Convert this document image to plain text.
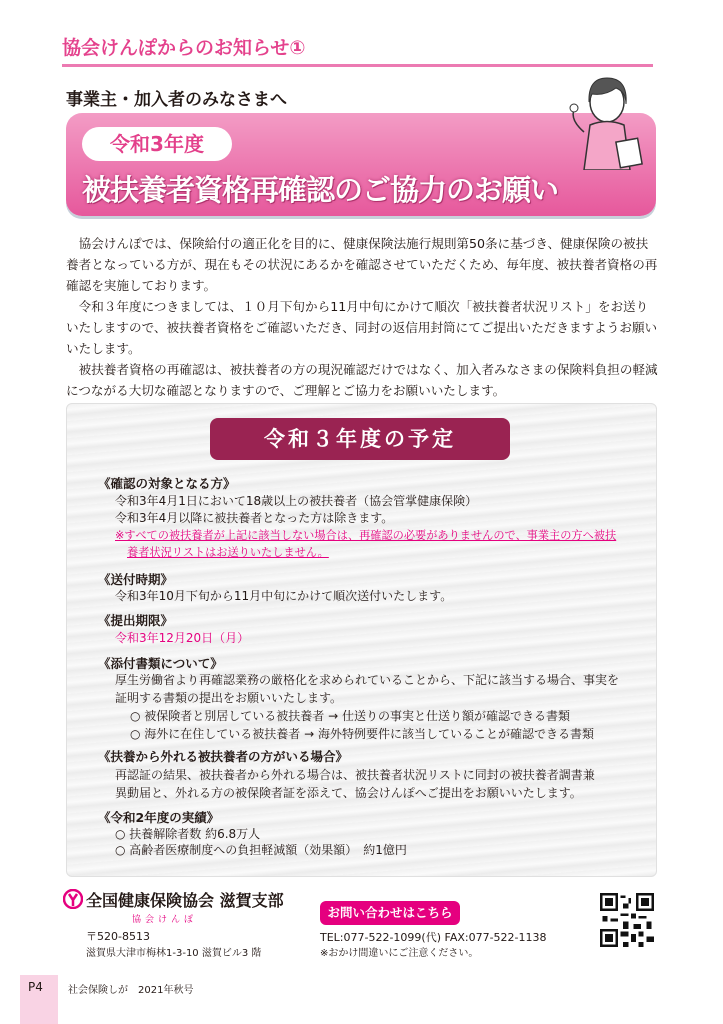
協会けんぽからのお知らせ①
事業主・加入者のみなさまへ
令和3年度
被扶養者資格再確認のご協力のお願い

協会けんぽでは、保険給付の適正化を目的に、健康保険法施行規則第50条に基づき、健康保険の被扶養者となっている方が、現在もその状況にあるかを確認させていただくため、毎年度、被扶養者資格の再確認を実施しております。

令和３年度につきましては、１０月下旬から11月中旬にかけて順次「被扶養者状況リスト」をお送りいたしますので、被扶養者資格をご確認いただき、同封の返信用封筒にてご提出いただきますようお願いいたします。

被扶養者資格の再確認は、被扶養者の方の現況確認だけではなく、加入者みなさまの保険料負担の軽減につながる大切な確認となりますので、ご理解とご協力をお願いいたします。

令和３年度の予定
《確認の対象となる方》
令和3年4月1日において18歳以上の被扶養者（協会管掌健康保険）
令和3年4月以降に被扶養者となった方は除きます。
※すべての被扶養者が上記に該当しない場合は、再確認の必要がありませんので、事業主の方へ被扶
養者状況リストはお送りいたしません。
《送付時期》
令和3年10月下旬から11月中旬にかけて順次送付いたします。
《提出期限》
令和3年12月20日（月）
《添付書類について》
厚生労働省より再確認業務の厳格化を求められていることから、下記に該当する場合、事実を
証明する書類の提出をお願いいたします。
○ 被保険者と別居している被扶養者 → 仕送りの事実と仕送り額が確認できる書類
○ 海外に在住している被扶養者 → 海外特例要件に該当していることが確認できる書類
《扶養から外れる被扶養者の方がいる場合》
再認証の結果、被扶養者から外れる場合は、被扶養者状況リストに同封の被扶養者調書兼
異動届と、外れる方の被保険者証を添えて、協会けんぽへご提出をお願いいたします。
《令和2年度の実績》
○ 扶養解除者数 約6.8万人
○ 高齢者医療制度への負担軽減額（効果額）　約1億円
全国健康保険協会 滋賀支部
協会けんぽ
〒520-8513
滋賀県大津市梅林1-3-10 滋賀ビル3 階
お問い合わせはこちら
TEL:077-522-1099(代) FAX:077-522-1138
※おかけ間違いにご注意ください。
P4	社会保険しが　2021年秋号
